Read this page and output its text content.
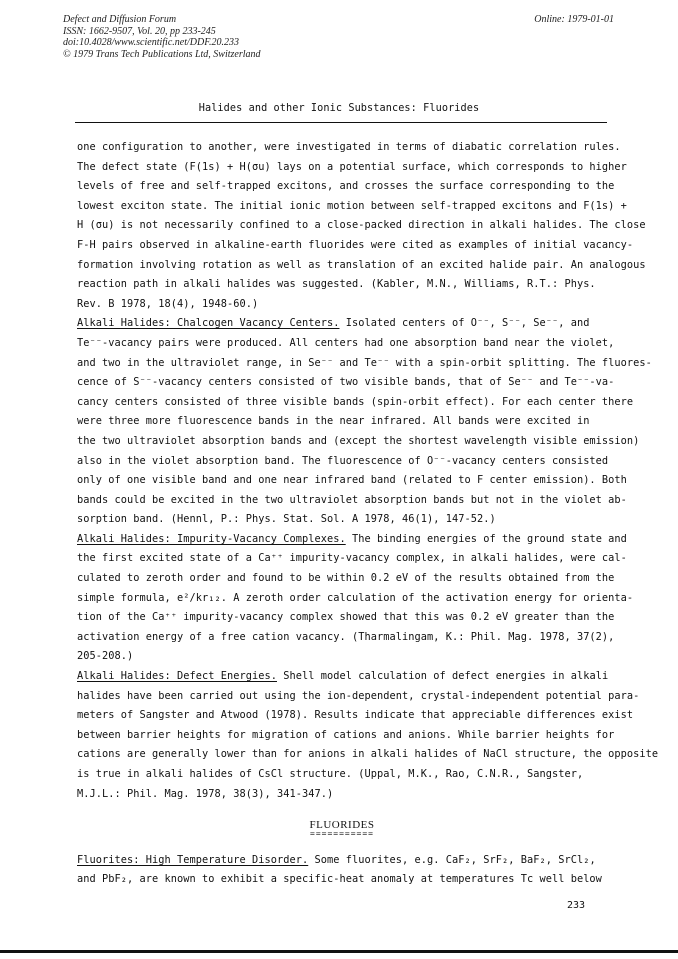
Defect and Diffusion Forum
ISSN: 1662-9507, Vol. 20, pp 233-245
doi:10.4028/www.scientific.net/DDF.20.233
© 1979 Trans Tech Publications Ltd, Switzerland
Online: 1979-01-01
Halides and other Ionic Substances: Fluorides
one configuration to another, were investigated in terms of diabatic correlation rules.
The defect state (F(1s) + H(σu) lays on a potential surface, which corresponds to higher
levels of free and self-trapped excitons, and crosses the surface corresponding to the
lowest exciton state. The initial ionic motion between self-trapped excitons and F(1s) +
H (σu) is not necessarily confined to a close-packed direction in alkali halides. The close
F-H pairs observed in alkaline-earth fluorides were cited as examples of initial vacancy-
formation involving rotation as well as translation of an excited halide pair. An analogous
reaction path in alkali halides was suggested. (Kabler, M.N., Williams, R.T.: Phys.
Rev. B 1978, 18(4), 1948-60.)
Alkali Halides: Chalcogen Vacancy Centers. Isolated centers of O⁻⁻, S⁻⁻, Se⁻⁻, and
Te⁻⁻-vacancy pairs were produced. All centers had one absorption band near the violet,
and two in the ultraviolet range, in Se⁻⁻ and Te⁻⁻ with a spin-orbit splitting. The fluores-
cence of S⁻⁻-vacancy centers consisted of two visible bands, that of Se⁻⁻ and Te⁻⁻-va-
cancy centers consisted of three visible bands (spin-orbit effect). For each center there
were three more fluorescence bands in the near infrared. All bands were excited in
the two ultraviolet absorption bands and (except the shortest wavelength visible emission)
also in the violet absorption band. The fluorescence of O⁻⁻-vacancy centers consisted
only of one visible band and one near infrared band (related to F center emission). Both
bands could be excited in the two ultraviolet absorption bands but not in the violet ab-
sorption band. (Hennl, P.: Phys. Stat. Sol. A 1978, 46(1), 147-52.)
Alkali Halides: Impurity-Vacancy Complexes. The binding energies of the ground state and
the first excited state of a Ca⁺⁺ impurity-vacancy complex, in alkali halides, were cal-
culated to zeroth order and found to be within 0.2 eV of the results obtained from the
simple formula, e²/kr₁₂. A zeroth order calculation of the activation energy for orienta-
tion of the Ca⁺⁺ impurity-vacancy complex showed that this was 0.2 eV greater than the
activation energy of a free cation vacancy. (Tharmalingam, K.: Phil. Mag. 1978, 37(2),
205-208.)
Alkali Halides: Defect Energies. Shell model calculation of defect energies in alkali
halides have been carried out using the ion-dependent, crystal-independent potential para-
meters of Sangster and Atwood (1978). Results indicate that appreciable differences exist
between barrier heights for migration of cations and anions. While barrier heights for
cations are generally lower than for anions in alkali halides of NaCl structure, the opposite
is true in alkali halides of CsCl structure. (Uppal, M.K., Rao, C.N.R., Sangster,
M.J.L.: Phil. Mag. 1978, 38(3), 341-347.)
FLUORIDES
===========
Fluorites: High Temperature Disorder. Some fluorites, e.g. CaF₂, SrF₂, BaF₂, SrCl₂,
and PbF₂, are known to exhibit a specific-heat anomaly at temperatures Tc well below
233
